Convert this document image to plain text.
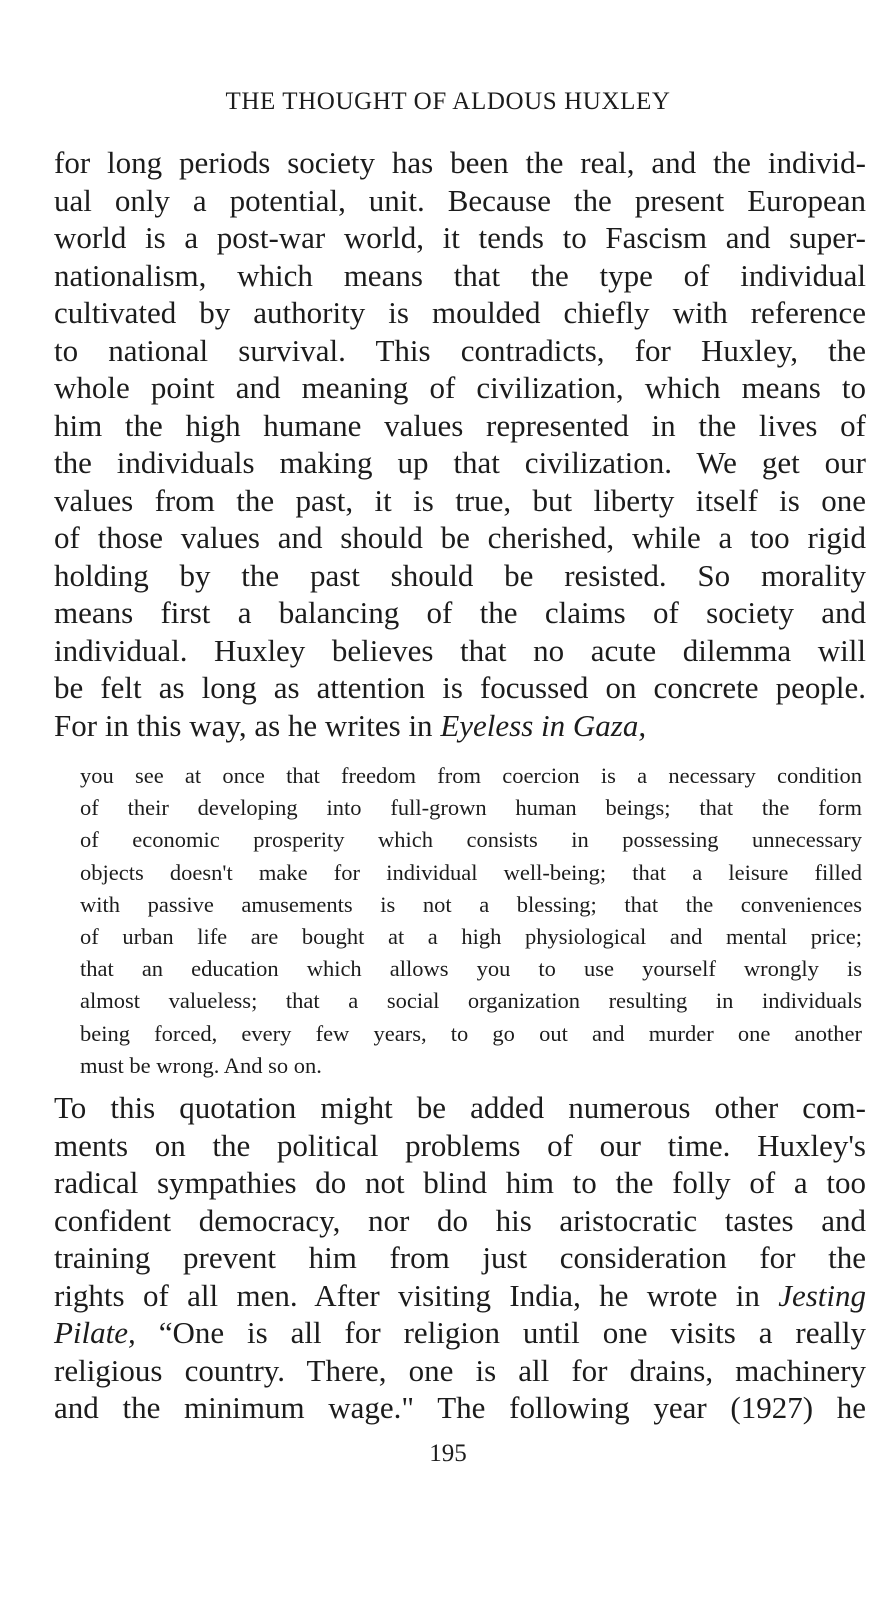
THE THOUGHT OF ALDOUS HUXLEY
for long periods society has been the real, and the individ-
ual only a potential, unit. Because the present European
world is a post-war world, it tends to Fascism and super-
nationalism, which means that the type of individual
cultivated by authority is moulded chiefly with reference
to national survival. This contradicts, for Huxley, the
whole point and meaning of civilization, which means to
him the high humane values represented in the lives of
the individuals making up that civilization. We get our
values from the past, it is true, but liberty itself is one
of those values and should be cherished, while a too rigid
holding by the past should be resisted. So morality
means first a balancing of the claims of society and
individual. Huxley believes that no acute dilemma will
be felt as long as attention is focussed on concrete people.
For in this way, as he writes in Eyeless in Gaza,
you see at once that freedom from coercion is a necessary condition
of their developing into full-grown human beings; that the form
of economic prosperity which consists in possessing unnecessary
objects doesn't make for individual well-being; that a leisure filled
with passive amusements is not a blessing; that the conveniences
of urban life are bought at a high physiological and mental price;
that an education which allows you to use yourself wrongly is
almost valueless; that a social organization resulting in individuals
being forced, every few years, to go out and murder one another
must be wrong. And so on.
To this quotation might be added numerous other com-
ments on the political problems of our time. Huxley's
radical sympathies do not blind him to the folly of a too
confident democracy, nor do his aristocratic tastes and
training prevent him from just consideration for the
rights of all men. After visiting India, he wrote in Jesting
Pilate, “One is all for religion until one visits a really
religious country. There, one is all for drains, machinery
and the minimum wage." The following year (1927) he
195
